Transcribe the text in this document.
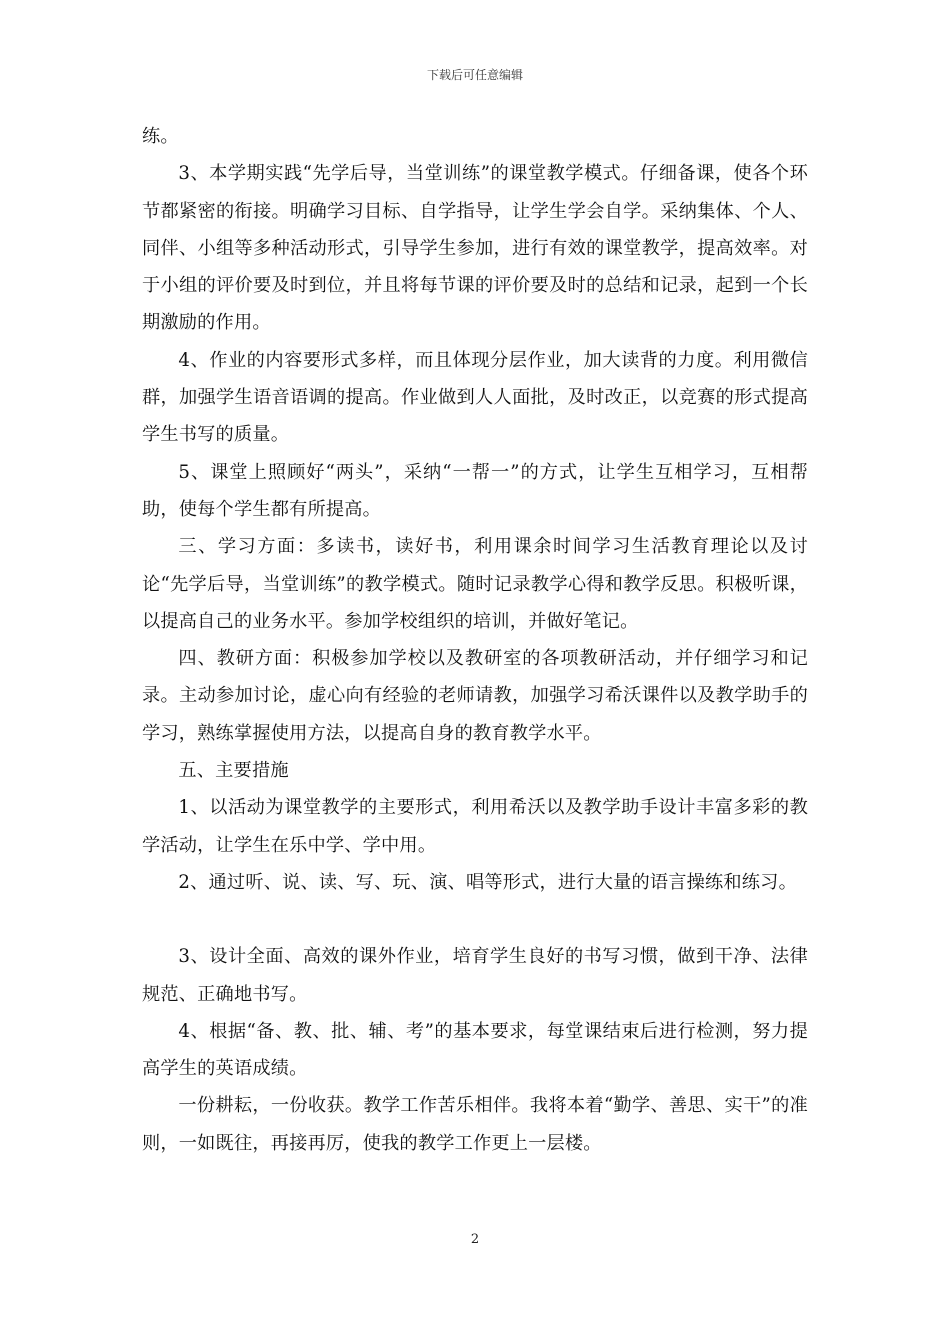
下载后可任意编辑

练。

3、本学期实践“先学后导，当堂训练”的课堂教学模式。仔细备课，使各个环节都紧密的衔接。明确学习目标、自学指导，让学生学会自学。采纳集体、个人、同伴、小组等多种活动形式，引导学生参加，进行有效的课堂教学，提高效率。对于小组的评价要及时到位，并且将每节课的评价要及时的总结和记录，起到一个长期激励的作用。

4、作业的内容要形式多样，而且体现分层作业，加大读背的力度。利用微信群，加强学生语音语调的提高。作业做到人人面批，及时改正，以竞赛的形式提高学生书写的质量。

5、课堂上照顾好“两头”，采纳“一帮一”的方式，让学生互相学习，互相帮助，使每个学生都有所提高。

三、学习方面：多读书，读好书，利用课余时间学习生活教育理论以及讨论“先学后导，当堂训练”的教学模式。随时记录教学心得和教学反思。积极听课，以提高自己的业务水平。参加学校组织的培训，并做好笔记。

四、教研方面：积极参加学校以及教研室的各项教研活动，并仔细学习和记录。主动参加讨论，虚心向有经验的老师请教，加强学习希沃课件以及教学助手的学习，熟练掌握使用方法，以提高自身的教育教学水平。

五、主要措施

1、以活动为课堂教学的主要形式，利用希沃以及教学助手设计丰富多彩的教学活动，让学生在乐中学、学中用。

2、通过听、说、读、写、玩、演、唱等形式，进行大量的语言操练和练习。

3、设计全面、高效的课外作业，培育学生良好的书写习惯，做到干净、法律规范、正确地书写。

4、根据“备、教、批、辅、考”的基本要求，每堂课结束后进行检测，努力提高学生的英语成绩。

一份耕耘，一份收获。教学工作苦乐相伴。我将本着“勤学、善思、实干”的准则，一如既往，再接再厉，使我的教学工作更上一层楼。

2
